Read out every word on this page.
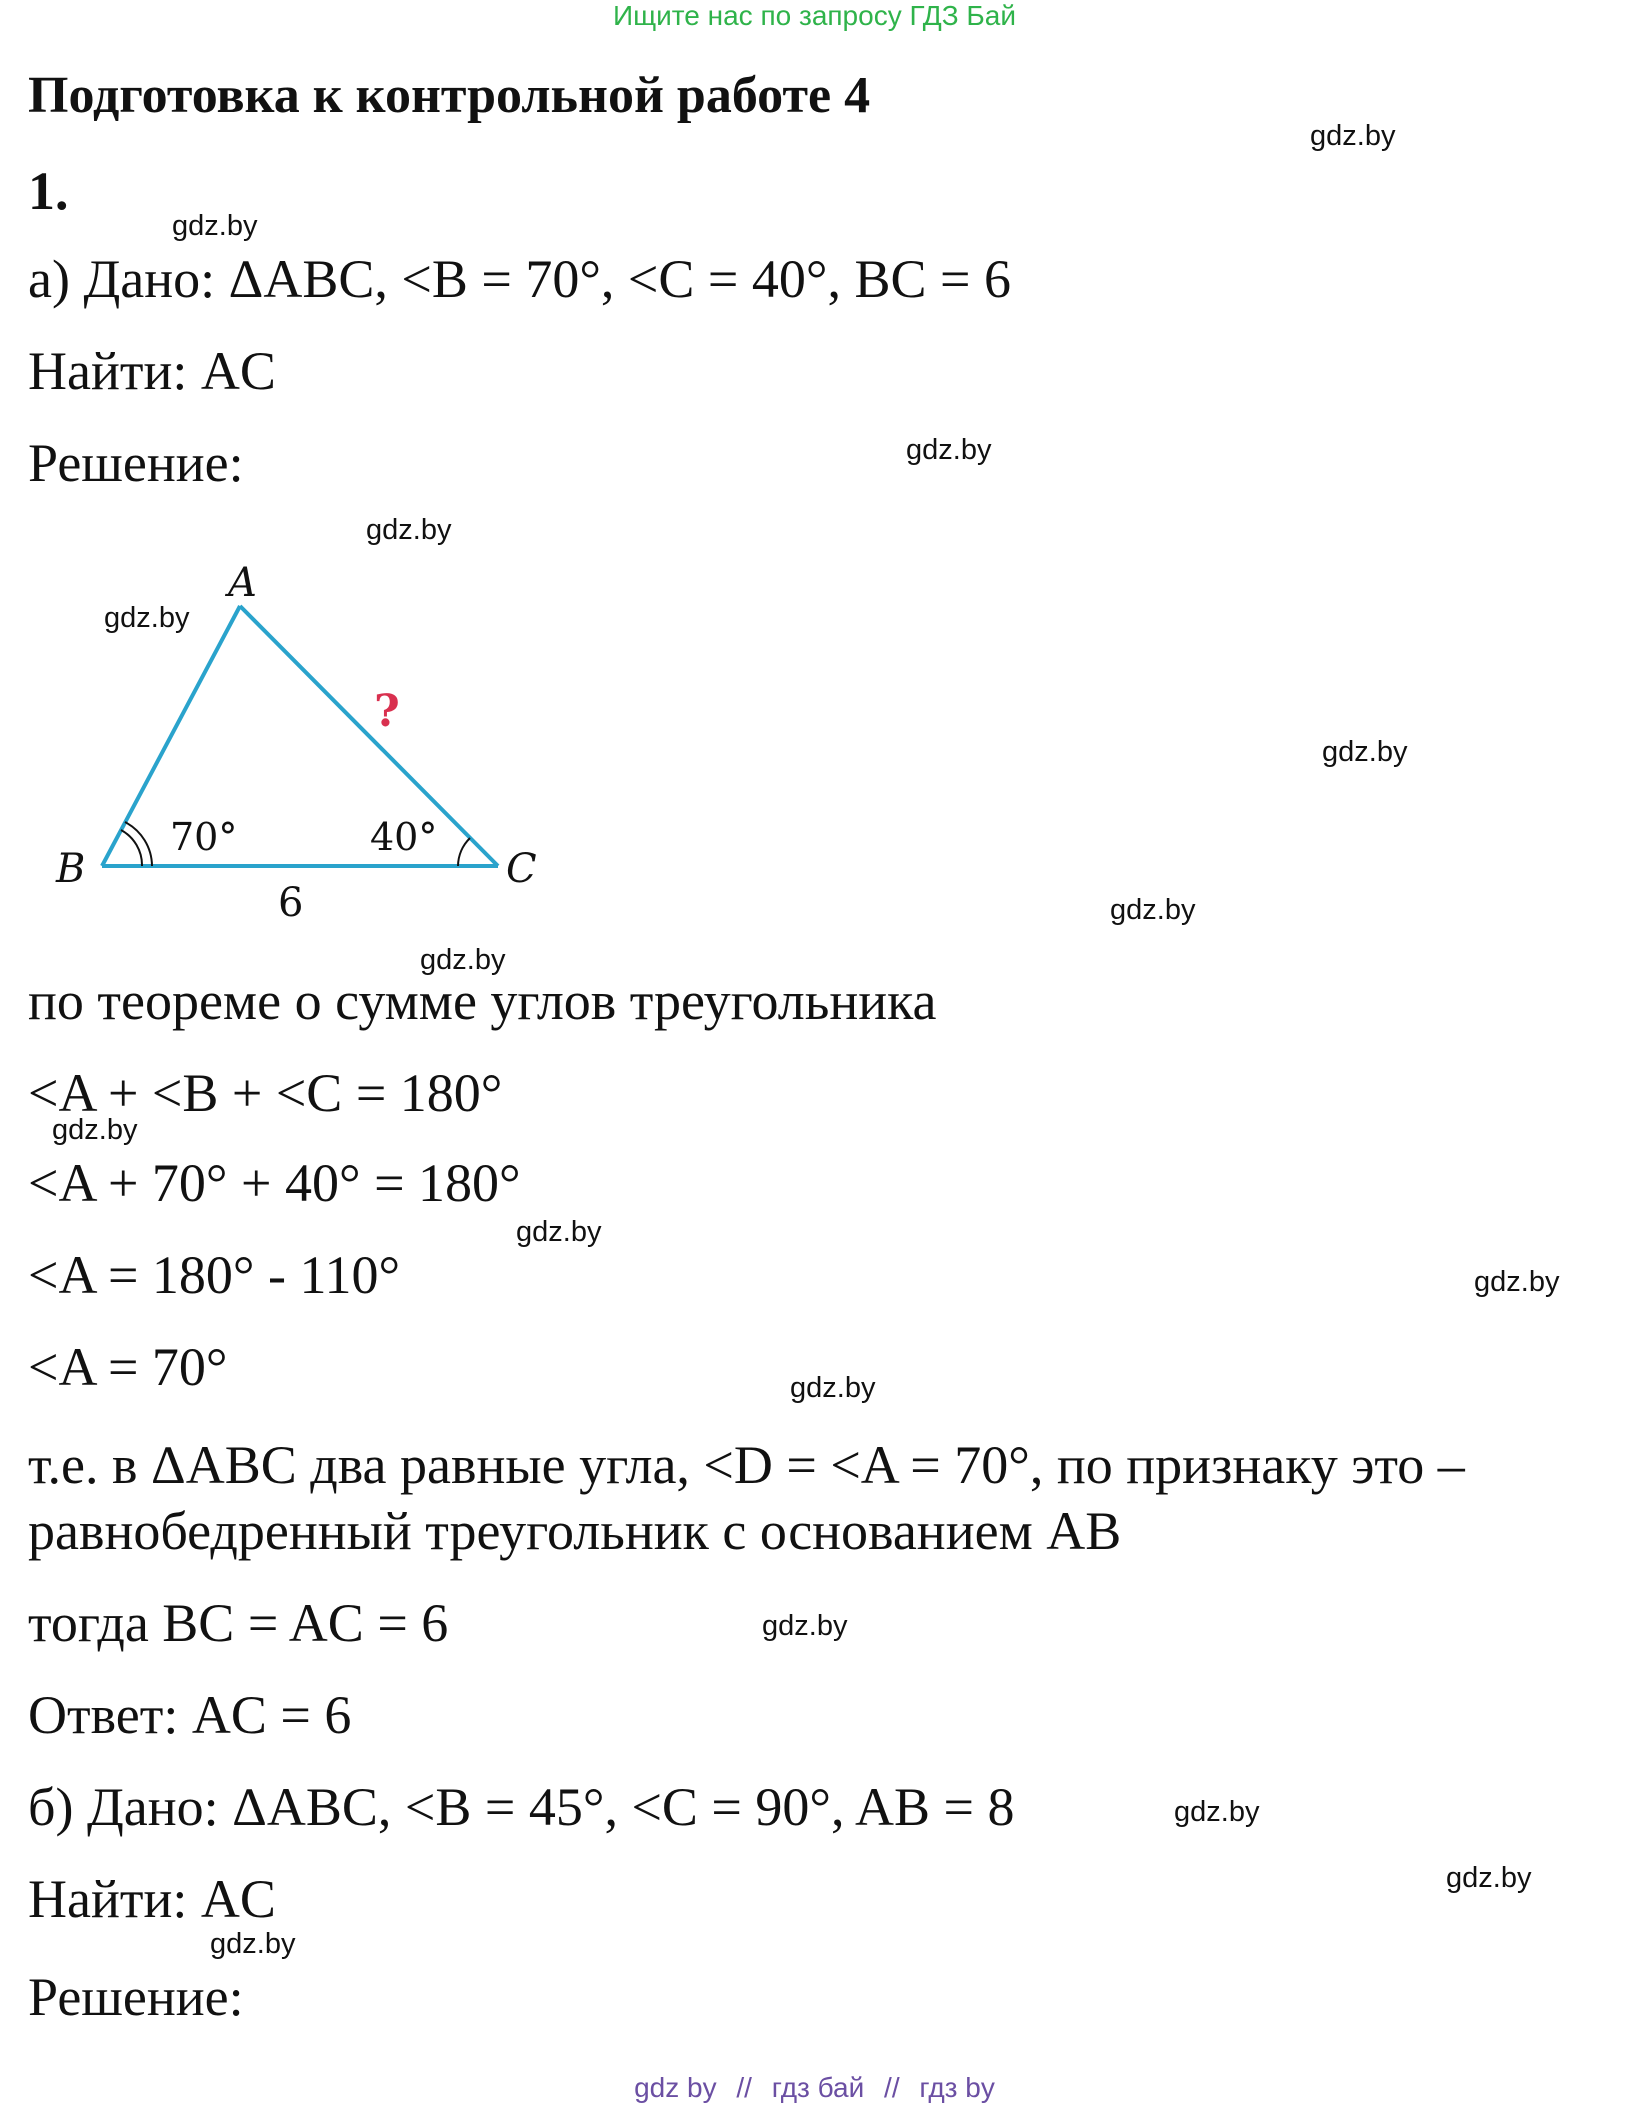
Ищите нас по запросу ГДЗ Бай
Подготовка к контрольной работе 4
1.
а) Дано: ΔABC, <B = 70°, <C = 40°, BC = 6
Найти: AC
Решение:
A
B	C
70°	40°
6
?
по теореме о сумме углов треугольника
<A + <B + <C = 180°
<A + 70° + 40° = 180°
<A = 180° - 110°
<A = 70°
т.е. в ΔABC два равные угла, <D = <A = 70°, по признаку это –
равнобедренный треугольник с основанием AB
тогда BC = AC = 6
Ответ: AC = 6
б) Дано: ΔABC, <B = 45°, <C = 90°, AB = 8
Найти: AC
Решение:
gdz.by
gdz.by
gdz.by
gdz.by
gdz.by
gdz.by
gdz.by
gdz.by
gdz.by
gdz.by
gdz.by
gdz.by
gdz.by
gdz.by
gdz.by
gdz.by
gdz by // гдз бай // гдз by
